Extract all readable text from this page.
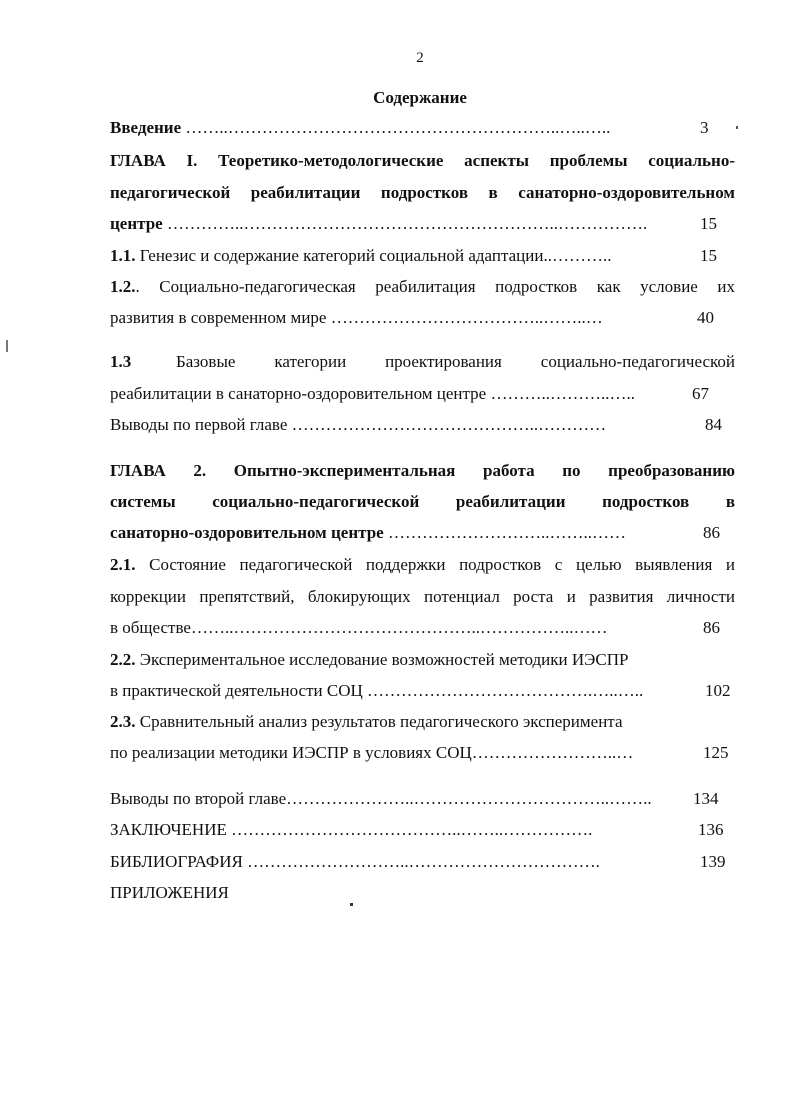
2
Содержание
Введение ……..…………………………………………………..…..…..	3
ГЛАВА I. Теоретико-методологические аспекты проблемы социально-
педагогической реабилитации подростков в санаторно-оздоровительном
центре …………..………………………………………………..…………….	15
1.1. Генезис и содержание категорий социальной адаптации..………..	15
1.2.. Социально-педагогическая реабилитация подростков как условие их
развития в современном мире ………………………………..……..…	40
1.3	Базовые категории проектирования социально-педагогической
реабилитации в санаторно-оздоровительном центре ………..………..…..	67
Выводы по первой главе ……………………………………..…………	84
ГЛАВА 2. Опытно-экспериментальная работа по преобразованию
системы социально-педагогической реабилитации подростков в
санаторно-оздоровительном центре ………………………..……..……	86
2.1. Состояние педагогической поддержки подростков с целью выявления и
коррекции препятствий, блокирующих потенциал роста и развития личности
в обществе……..……………………………………..……………..……	86
2.2. Экспериментальное исследование возможностей методики ИЭСПР
в практической деятельности СОЦ ………………………………….…..…..	102
2.3. Сравнительный анализ результатов педагогического эксперимента
по реализации методики ИЭСПР в условиях СОЦ……………………..…	125
Выводы по второй главе…………………..……………………………..…….. 134
ЗАКЛЮЧЕНИЕ …………………………………..……..…………….	136
БИБЛИОГРАФИЯ ………………………..…………………………….	139
ПРИЛОЖЕНИЯ
